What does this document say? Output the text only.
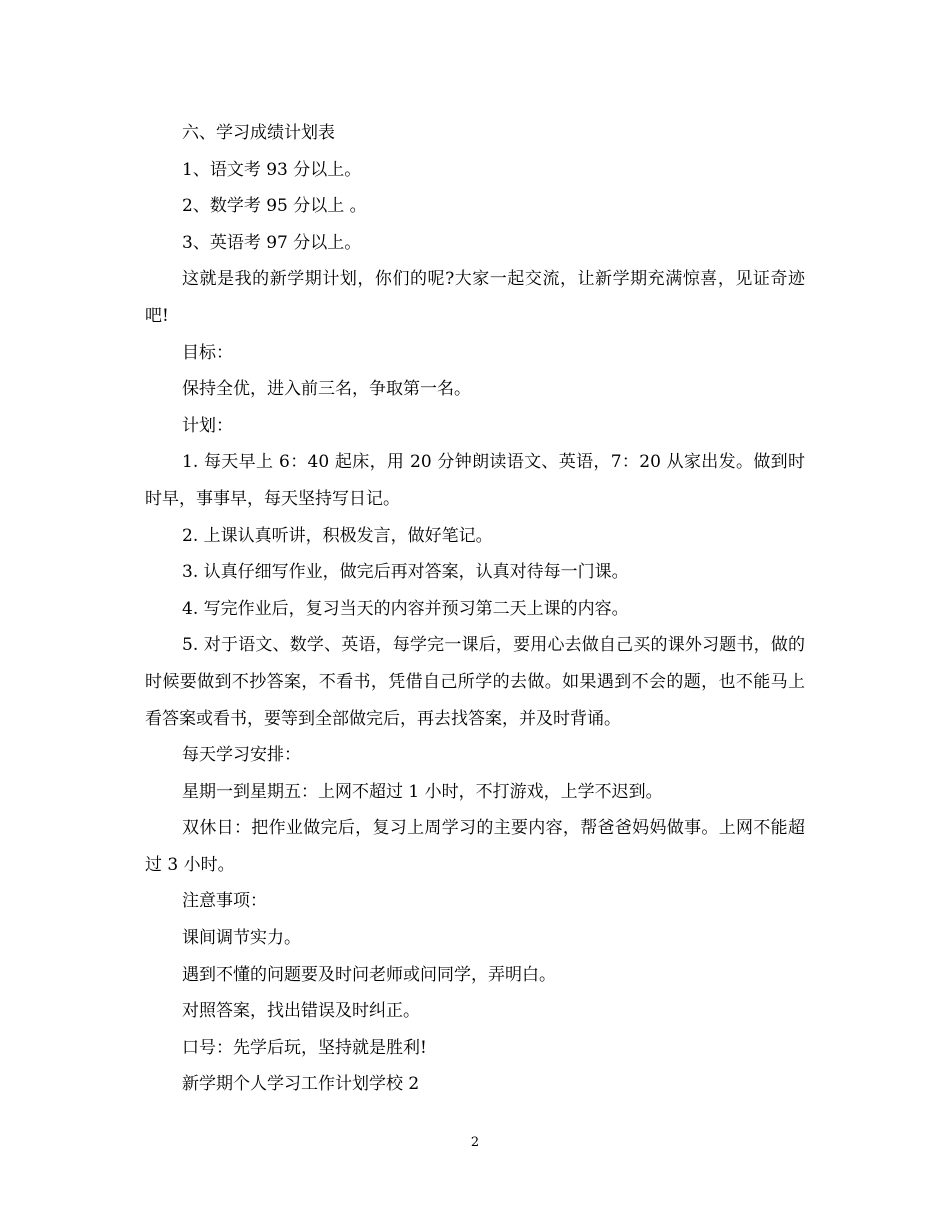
六、学习成绩计划表

1、语文考 93 分以上。

2、数学考 95 分以上 。

3、英语考 97 分以上。

这就是我的新学期计划，你们的呢?大家一起交流，让新学期充满惊喜，见证奇迹吧!

目标：

保持全优，进入前三名，争取第一名。

计划：

1. 每天早上 6：40 起床，用 20 分钟朗读语文、英语，7：20 从家出发。做到时时早，事事早，每天坚持写日记。

2. 上课认真听讲，积极发言，做好笔记。

3. 认真仔细写作业，做完后再对答案，认真对待每一门课。

4. 写完作业后，复习当天的内容并预习第二天上课的内容。

5. 对于语文、数学、英语，每学完一课后，要用心去做自己买的课外习题书，做的时候要做到不抄答案，不看书，凭借自己所学的去做。如果遇到不会的题，也不能马上看答案或看书，要等到全部做完后，再去找答案，并及时背诵。

每天学习安排：

星期一到星期五：上网不超过 1 小时，不打游戏，上学不迟到。

双休日：把作业做完后，复习上周学习的主要内容，帮爸爸妈妈做事。上网不能超过 3 小时。

注意事项：

课间调节实力。

遇到不懂的问题要及时问老师或问同学，弄明白。

对照答案，找出错误及时纠正。

口号：先学后玩，坚持就是胜利!

新学期个人学习工作计划学校 2

2
